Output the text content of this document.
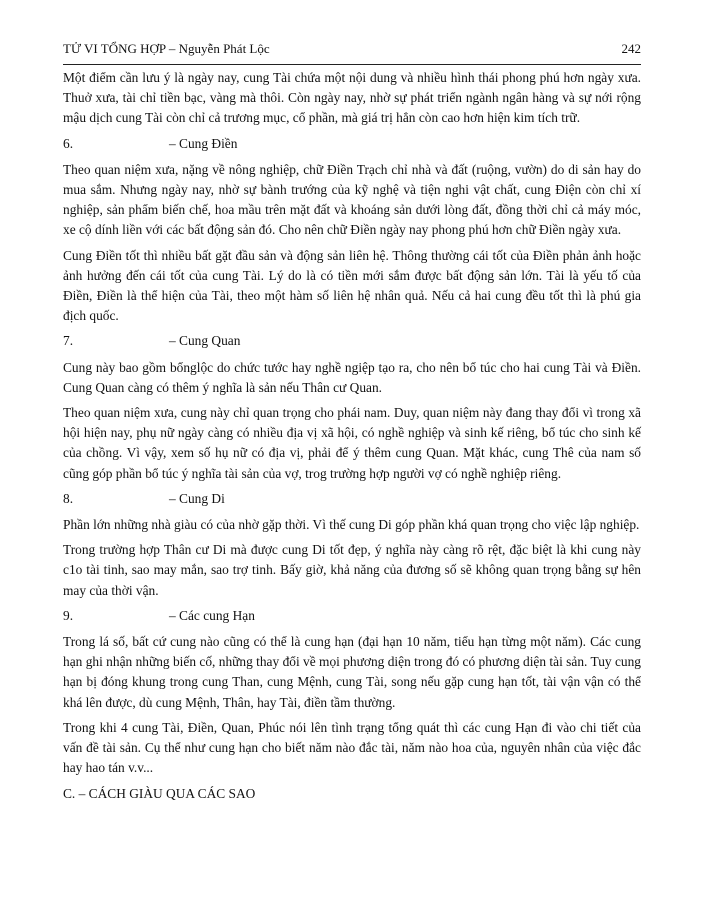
TỬ VI TỔNG HỢP – Nguyễn Phát Lộc	242

Một điểm cần lưu ý là ngày nay, cung Tài chứa một nội dung và nhiều hình thái phong phú hơn ngày xưa. Thuở xưa, tài chỉ tiền bạc, vàng mà thôi. Còn ngày nay, nhờ sự phát triển ngành ngân hàng và sự nới rộng mậu dịch cung Tài còn chỉ cả trương mục, cổ phần, mà giá trị hẳn còn cao hơn hiện kim tích trữ.

6.	– Cung Điền

Theo quan niệm xưa, nặng về nông nghiệp, chữ Điền Trạch chỉ nhà và đất (ruộng, vườn) do di sản hay do mua sắm. Nhưng ngày nay, nhờ sự bành trướng của kỹ nghệ và tiện nghi vật chất, cung Điện còn chỉ xí nghiệp, sản phẩm biến chế, hoa mầu trên mặt đất và khoáng sản dưới lòng đất, đồng thời chỉ cả máy móc, xe cộ dính liền với các bất động sản đó. Cho nên chữ Điền ngày nay phong phú hơn chữ Điền ngày xưa.

Cung Điền tốt thì nhiều bất gặt đầu sản và động sản liên hệ. Thông thường cái tốt của Điền phản ảnh hoặc ảnh hưởng đến cái tốt của cung Tài. Lý do là có tiền mới sắm được bất động sản lớn. Tài là yếu tố của Điền, Điền là thể hiện của Tài, theo một hàm số liên hệ nhân quả. Nếu cả hai cung đều tốt thì là phú gia địch quốc.

7.	– Cung Quan

Cung này bao gồm bổnglộc do chức tước hay nghề ngiệp tạo ra, cho nên bổ túc cho hai cung Tài và Điền. Cung Quan càng có thêm ý nghĩa là sản nếu Thân cư Quan.

Theo quan niệm xưa, cung này chỉ quan trọng cho phái nam. Duy, quan niệm này đang thay đổi vì trong xã hội hiện nay, phụ nữ ngày càng có nhiều địa vị xã hội, có nghề nghiệp và sinh kế riêng, bổ túc cho sinh kế của chồng. Vì vậy, xem số hụ nữ có địa vị, phải để ý thêm cung Quan. Mặt khác, cung Thê của nam số cũng góp phần bổ túc ý nghĩa tài sản của vợ, trog trường hợp người vợ có nghề nghiệp riêng.

8.	– Cung Di

Phần lớn những nhà giàu có của nhờ gặp thời. Vì thế cung Di góp phần khá quan trọng cho việc lập nghiệp.

Trong trường hợp Thân cư Di mà được cung Di tốt đẹp, ý nghĩa này càng rõ rệt, đặc biệt là khi cung này c1o tài tinh, sao may mắn, sao trợ tinh. Bấy giờ, khả năng của đương số sẽ không quan trọng bằng sự hên may của thời vận.

9.	– Các cung Hạn

Trong lá số, bất cứ cung nào cũng có thể là cung hạn (đại hạn 10 năm, tiểu hạn từng một năm). Các cung hạn ghi nhận những biến cố, những thay đổi về mọi phương diện trong đó có phương diện tài sản. Tuy cung hạn bị đóng khung trong cung Than, cung Mệnh, cung Tài, song nếu gặp cung hạn tốt, tài vận vận có thể khá lên được, dù cung Mệnh, Thân, hay Tài, điền tầm thường.

Trong khi 4 cung Tài, Điền, Quan, Phúc nói lên tình trạng tổng quát thì các cung Hạn đi vào chi tiết của vấn đề tài sản. Cụ thể như cung hạn cho biết năm nào đắc tài, năm nào hoa của, nguyên nhân của việc đắc hay hao tán v.v...

C. – CÁCH GIÀU QUA CÁC SAO
